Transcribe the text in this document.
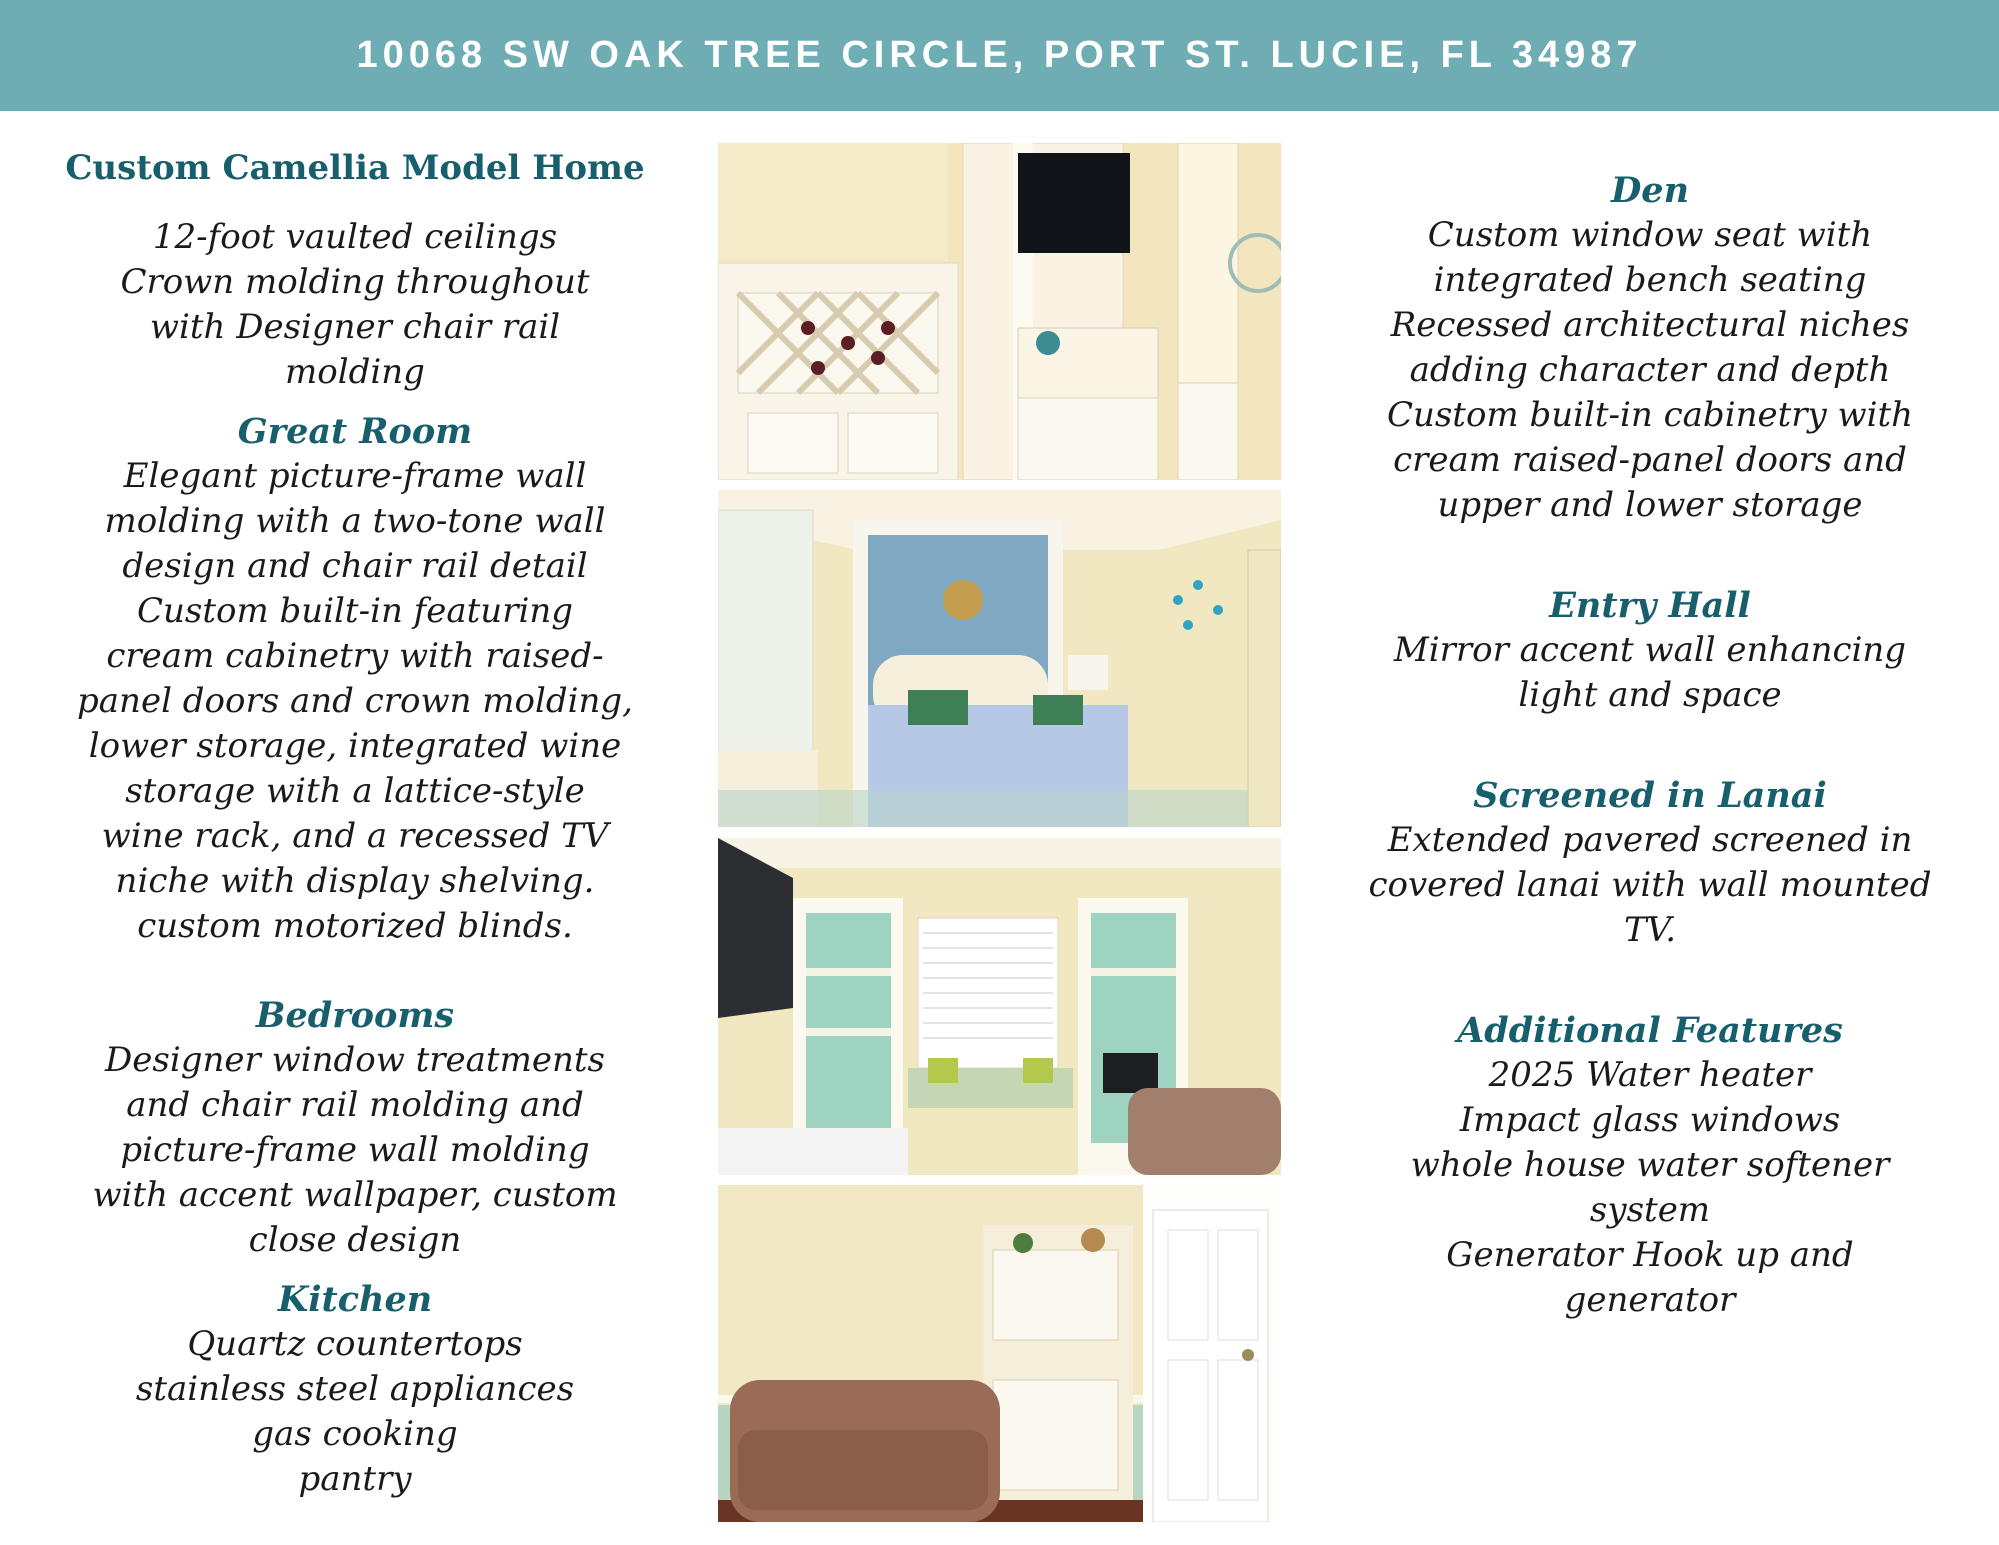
10068 SW OAK TREE CIRCLE, PORT ST. LUCIE, FL 34987
Custom Camellia Model Home
12-foot vaulted ceilings
Crown molding throughout
with Designer chair rail
molding
Great Room
Elegant picture-frame wall
molding with a two-tone wall
design and chair rail detail
Custom built-in featuring
cream cabinetry with raised-
panel doors and crown molding,
lower storage, integrated wine
storage with a lattice-style
wine rack, and a recessed TV
niche with display shelving.
custom motorized blinds.
Bedrooms
Designer window treatments
and chair rail molding and
picture-frame wall molding
with accent wallpaper, custom
close design
Kitchen
Quartz countertops
stainless steel appliances
gas cooking
pantry
Den
Custom window seat with
integrated bench seating
Recessed architectural niches
adding character and depth
Custom built-in cabinetry with
cream raised-panel doors and
upper and lower storage
Entry Hall
Mirror accent wall enhancing
light and space
Screened in Lanai
Extended pavered screened in
covered lanai with wall mounted
TV.
Additional Features
2025 Water heater
Impact glass windows
whole house water softener
system
Generator Hook up and
generator
